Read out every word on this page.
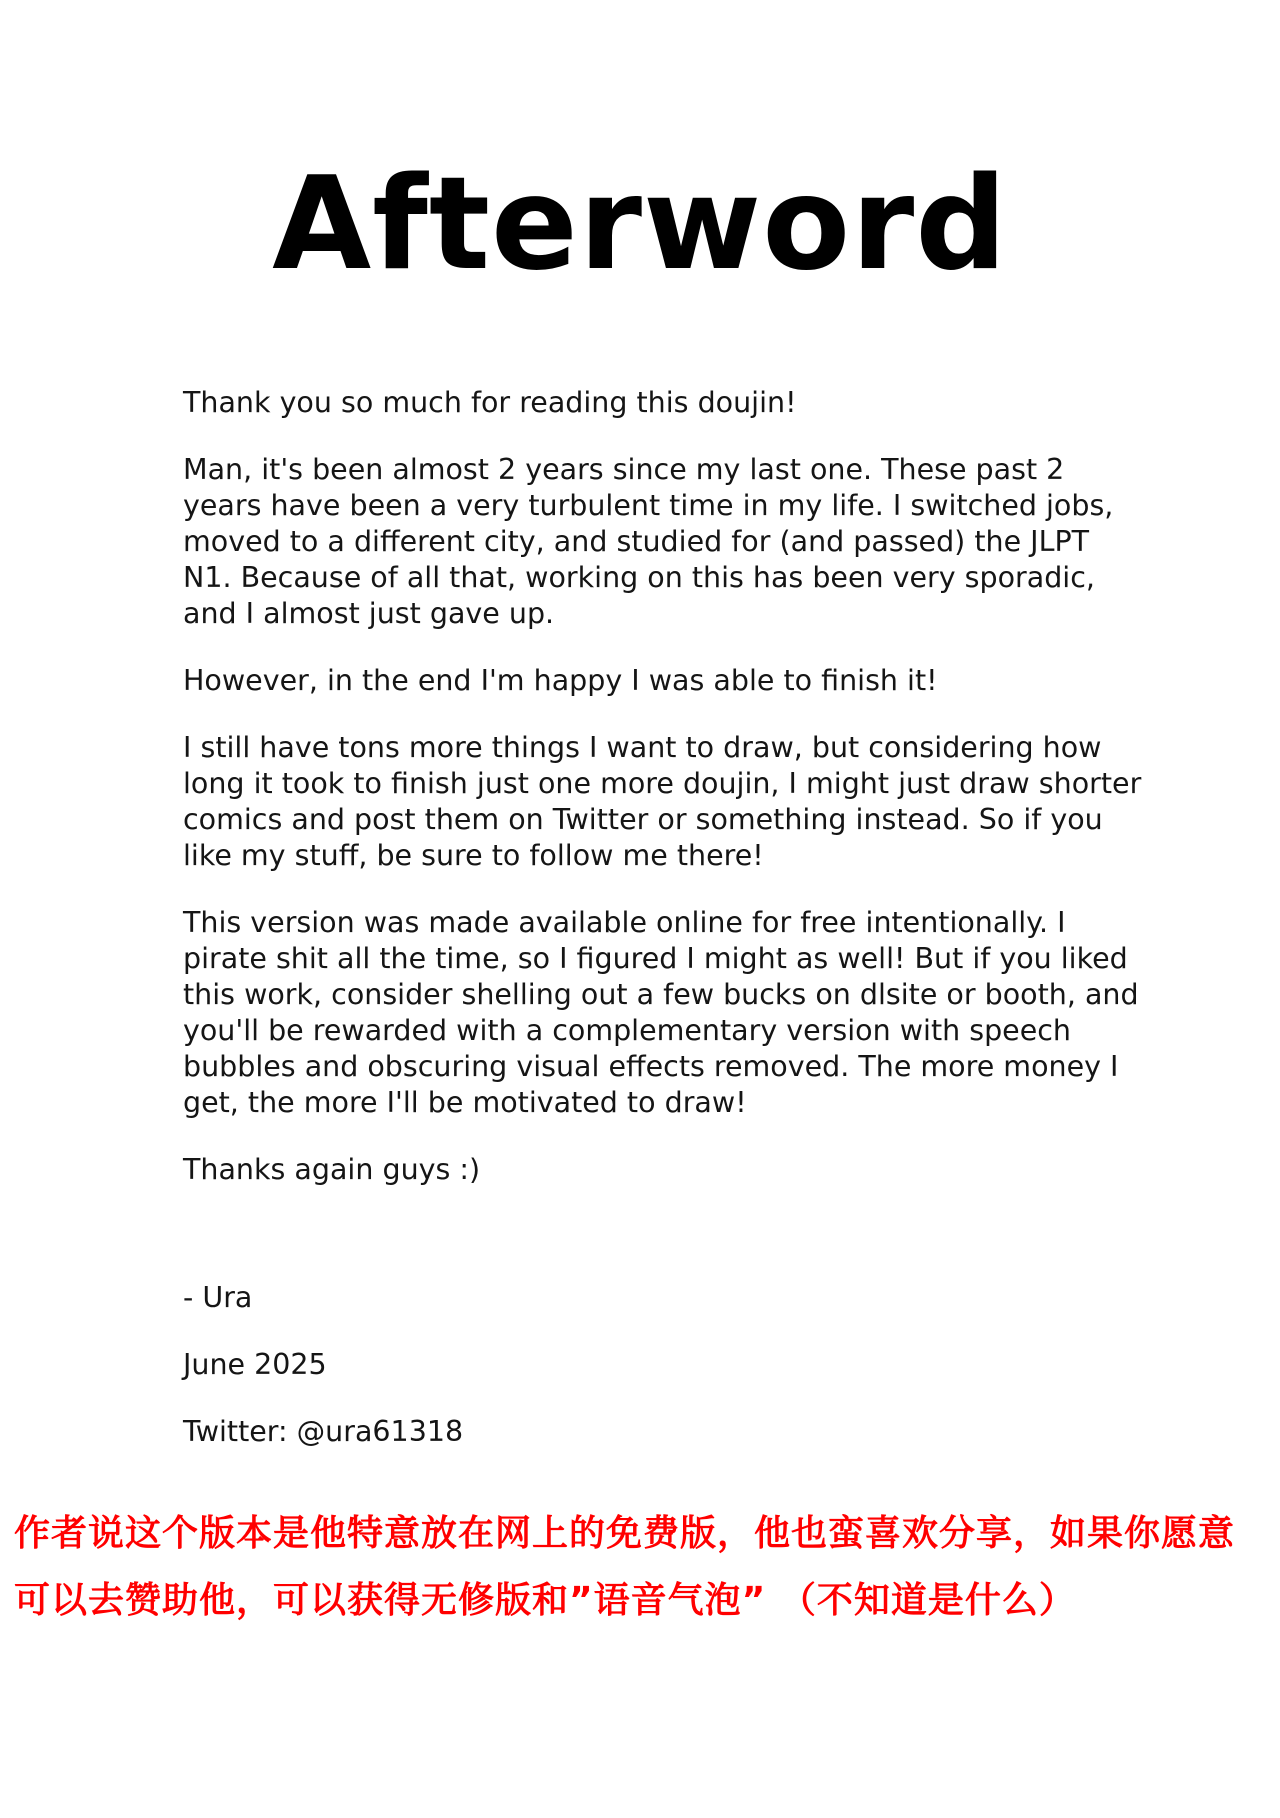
Afterword

Thank you so much for reading this doujin!

Man, it's been almost 2 years since my last one. These past 2 years have been a very turbulent time in my life. I switched jobs, moved to a different city, and studied for (and passed) the JLPT N1. Because of all that, working on this has been very sporadic, and I almost just gave up.

However, in the end I'm happy I was able to finish it!

I still have tons more things I want to draw, but considering how long it took to finish just one more doujin, I might just draw shorter comics and post them on Twitter or something instead. So if you like my stuff, be sure to follow me there!

This version was made available online for free intentionally. I pirate shit all the time, so I figured I might as well! But if you liked this work, consider shelling out a few bucks on dlsite or booth, and you'll be rewarded with a complementary version with speech bubbles and obscuring visual effects removed. The more money I get, the more I'll be motivated to draw!

Thanks again guys :)

- Ura

June 2025

Twitter: @ura61318

作者说这个版本是他特意放在网上的免费版，他也蛮喜欢分享，如果你愿意可以去赞助他，可以获得无修版和”语音气泡” （不知道是什么）
